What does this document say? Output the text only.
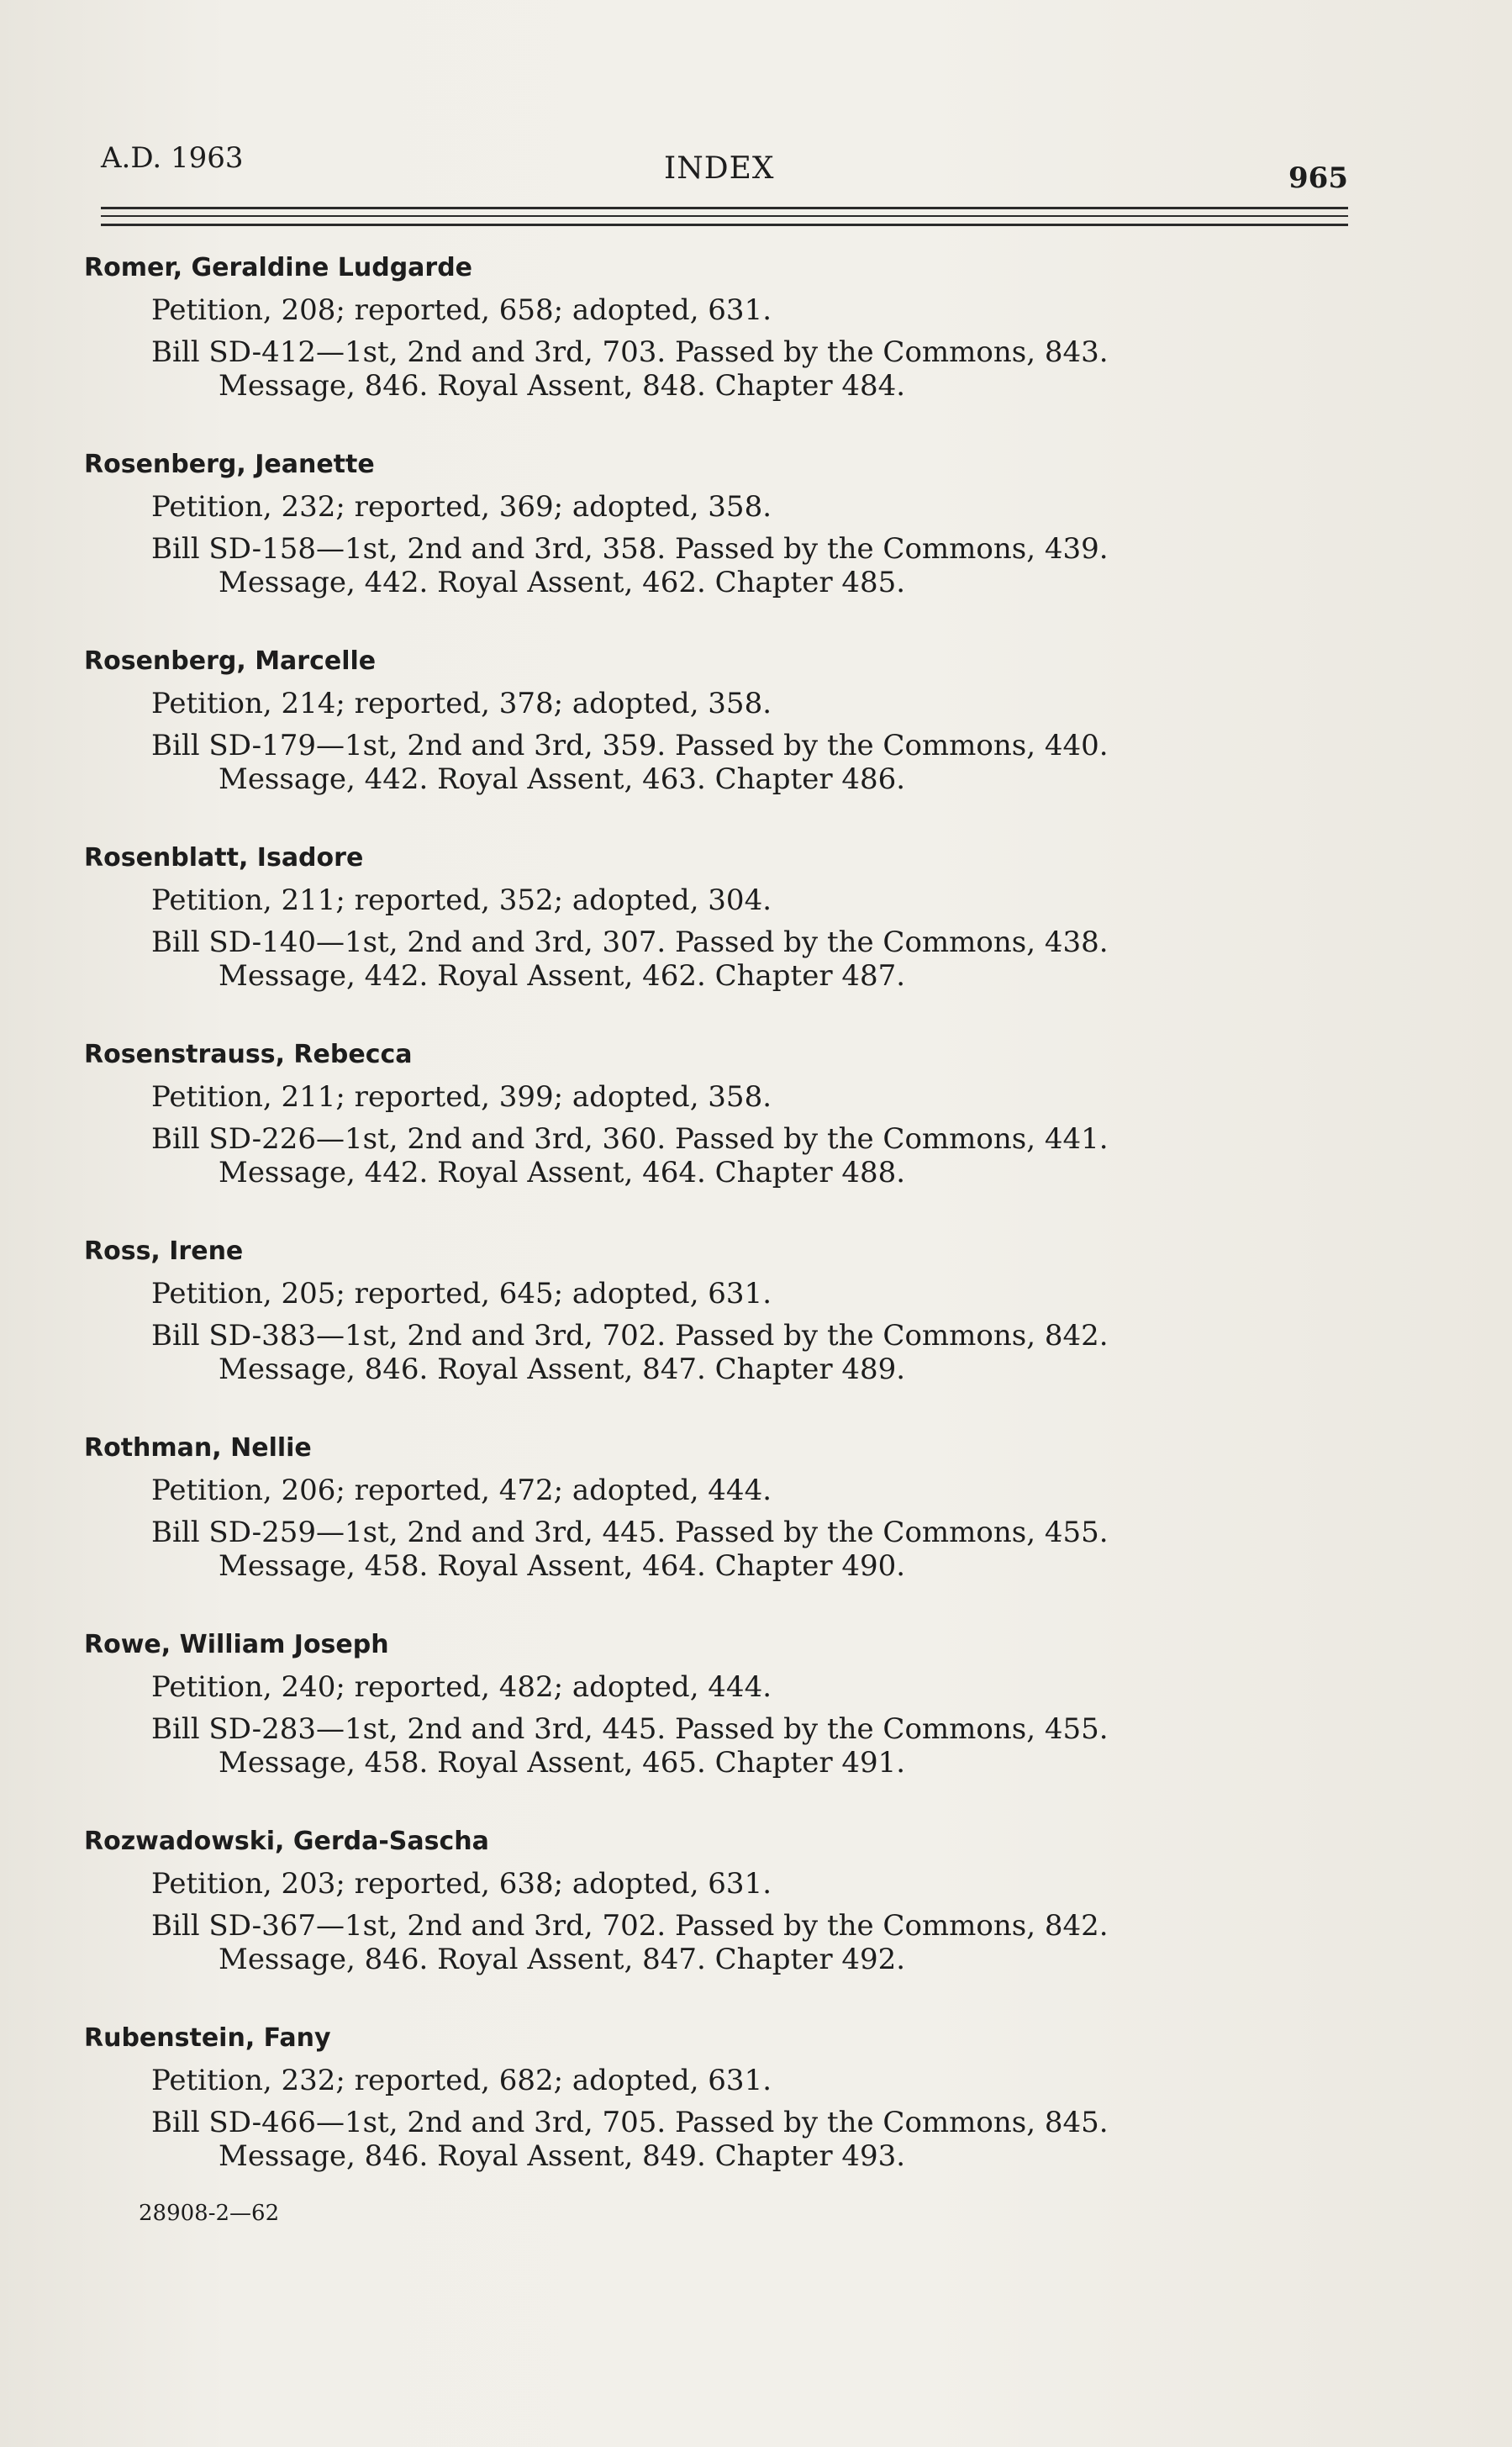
A.D. 1963	INDEX	965

Romer, Geraldine Ludgarde

Petition, 208; reported, 658; adopted, 631.
Bill SD-412—1st, 2nd and 3rd, 703. Passed by the Commons, 843.
Message, 846. Royal Assent, 848. Chapter 484.

Rosenberg, Jeanette

Petition, 232; reported, 369; adopted, 358.
Bill SD-158—1st, 2nd and 3rd, 358. Passed by the Commons, 439.
Message, 442. Royal Assent, 462. Chapter 485.

Rosenberg, Marcelle

Petition, 214; reported, 378; adopted, 358.
Bill SD-179—1st, 2nd and 3rd, 359. Passed by the Commons, 440.
Message, 442. Royal Assent, 463. Chapter 486.

Rosenblatt, Isadore

Petition, 211; reported, 352; adopted, 304.
Bill SD-140—1st, 2nd and 3rd, 307. Passed by the Commons, 438.
Message, 442. Royal Assent, 462. Chapter 487.

Rosenstrauss, Rebecca

Petition, 211; reported, 399; adopted, 358.
Bill SD-226—1st, 2nd and 3rd, 360. Passed by the Commons, 441.
Message, 442. Royal Assent, 464. Chapter 488.

Ross, Irene

Petition, 205; reported, 645; adopted, 631.
Bill SD-383—1st, 2nd and 3rd, 702. Passed by the Commons, 842.
Message, 846. Royal Assent, 847. Chapter 489.

Rothman, Nellie

Petition, 206; reported, 472; adopted, 444.
Bill SD-259—1st, 2nd and 3rd, 445. Passed by the Commons, 455.
Message, 458. Royal Assent, 464. Chapter 490.

Rowe, William Joseph

Petition, 240; reported, 482; adopted, 444.
Bill SD-283—1st, 2nd and 3rd, 445. Passed by the Commons, 455.
Message, 458. Royal Assent, 465. Chapter 491.

Rozwadowski, Gerda-Sascha

Petition, 203; reported, 638; adopted, 631.
Bill SD-367—1st, 2nd and 3rd, 702. Passed by the Commons, 842.
Message, 846. Royal Assent, 847. Chapter 492.

Rubenstein, Fany

Petition, 232; reported, 682; adopted, 631.
Bill SD-466—1st, 2nd and 3rd, 705. Passed by the Commons, 845.
Message, 846. Royal Assent, 849. Chapter 493.
28908-2—62
